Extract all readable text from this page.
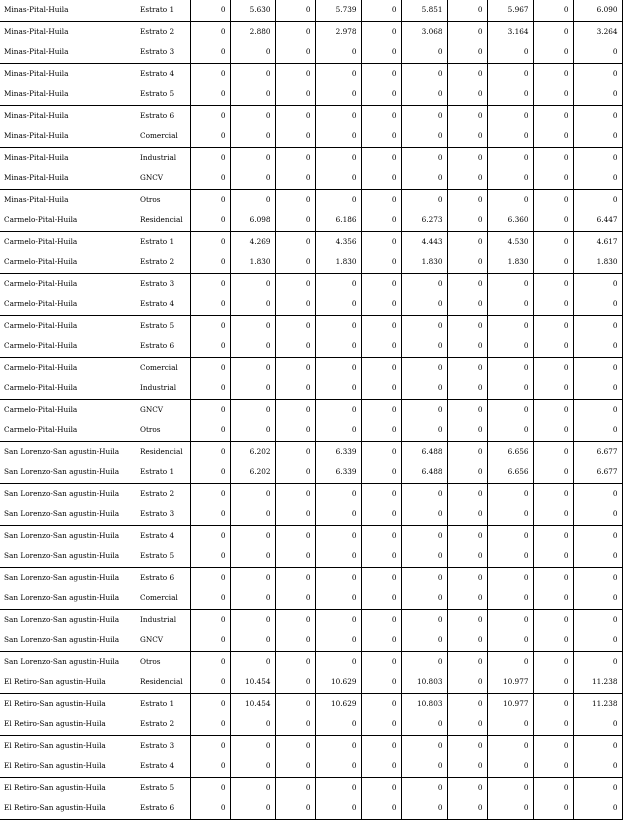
Minas-Pital-Huila	Estrato 1	0	5.630	0	5.739	0	5.851	0	5.967	0	6.090
Minas-Pital-Huila	Estrato 2	0	2.880	0	2.978	0	3.068	0	3.164	0	3.264
Minas-Pital-Huila	Estrato 3	0	0	0	0	0	0	0	0	0	0
Minas-Pital-Huila	Estrato 4	0	0	0	0	0	0	0	0	0	0
Minas-Pital-Huila	Estrato 5	0	0	0	0	0	0	0	0	0	0
Minas-Pital-Huila	Estrato 6	0	0	0	0	0	0	0	0	0	0
Minas-Pital-Huila	Comercial	0	0	0	0	0	0	0	0	0	0
Minas-Pital-Huila	Industrial	0	0	0	0	0	0	0	0	0	0
Minas-Pital-Huila	GNCV	0	0	0	0	0	0	0	0	0	0
Minas-Pital-Huila	Otros	0	0	0	0	0	0	0	0	0	0
Carmelo-Pital-Huila	Residencial	0	6.098	0	6.186	0	6.273	0	6.360	0	6.447
Carmelo-Pital-Huila	Estrato 1	0	4.269	0	4.356	0	4.443	0	4.530	0	4.617
Carmelo-Pital-Huila	Estrato 2	0	1.830	0	1.830	0	1.830	0	1.830	0	1.830
Carmelo-Pital-Huila	Estrato 3	0	0	0	0	0	0	0	0	0	0
Carmelo-Pital-Huila	Estrato 4	0	0	0	0	0	0	0	0	0	0
Carmelo-Pital-Huila	Estrato 5	0	0	0	0	0	0	0	0	0	0
Carmelo-Pital-Huila	Estrato 6	0	0	0	0	0	0	0	0	0	0
Carmelo-Pital-Huila	Comercial	0	0	0	0	0	0	0	0	0	0
Carmelo-Pital-Huila	Industrial	0	0	0	0	0	0	0	0	0	0
Carmelo-Pital-Huila	GNCV	0	0	0	0	0	0	0	0	0	0
Carmelo-Pital-Huila	Otros	0	0	0	0	0	0	0	0	0	0
San Lorenzo-San agustin-Huila	Residencial	0	6.202	0	6.339	0	6.488	0	6.656	0	6.677
San Lorenzo-San agustin-Huila	Estrato 1	0	6.202	0	6.339	0	6.488	0	6.656	0	6.677
San Lorenzo-San agustin-Huila	Estrato 2	0	0	0	0	0	0	0	0	0	0
San Lorenzo-San agustin-Huila	Estrato 3	0	0	0	0	0	0	0	0	0	0
San Lorenzo-San agustin-Huila	Estrato 4	0	0	0	0	0	0	0	0	0	0
San Lorenzo-San agustin-Huila	Estrato 5	0	0	0	0	0	0	0	0	0	0
San Lorenzo-San agustin-Huila	Estrato 6	0	0	0	0	0	0	0	0	0	0
San Lorenzo-San agustin-Huila	Comercial	0	0	0	0	0	0	0	0	0	0
San Lorenzo-San agustin-Huila	Industrial	0	0	0	0	0	0	0	0	0	0
San Lorenzo-San agustin-Huila	GNCV	0	0	0	0	0	0	0	0	0	0
San Lorenzo-San agustin-Huila	Otros	0	0	0	0	0	0	0	0	0	0
El Retiro-San agustin-Huila	Residencial	0	10.454	0	10.629	0	10.803	0	10.977	0	11.238
El Retiro-San agustin-Huila	Estrato 1	0	10.454	0	10.629	0	10.803	0	10.977	0	11.238
El Retiro-San agustin-Huila	Estrato 2	0	0	0	0	0	0	0	0	0	0
El Retiro-San agustin-Huila	Estrato 3	0	0	0	0	0	0	0	0	0	0
El Retiro-San agustin-Huila	Estrato 4	0	0	0	0	0	0	0	0	0	0
El Retiro-San agustin-Huila	Estrato 5	0	0	0	0	0	0	0	0	0	0
El Retiro-San agustin-Huila	Estrato 6	0	0	0	0	0	0	0	0	0	0
